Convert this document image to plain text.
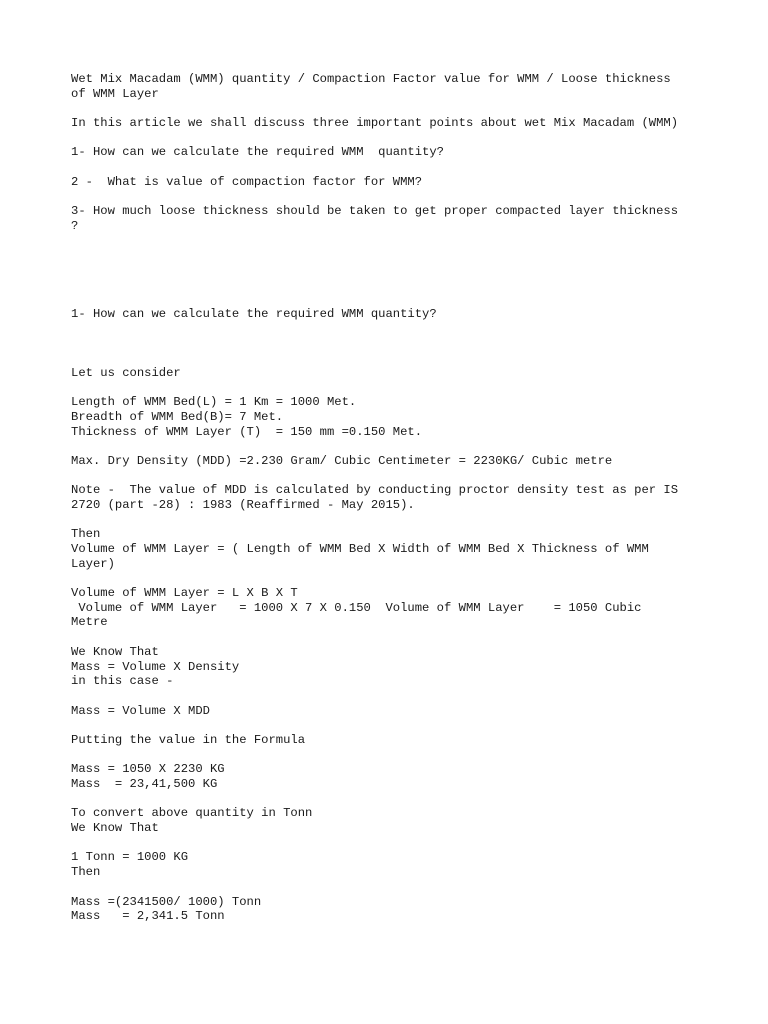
Wet Mix Macadam (WMM) quantity / Compaction Factor value for WMM / Loose thickness
of WMM Layer
In this article we shall discuss three important points about wet Mix Macadam (WMM)
1- How can we calculate the required WMM  quantity?
2 -  What is value of compaction factor for WMM?
3- How much loose thickness should be taken to get proper compacted layer thickness
?
1- How can we calculate the required WMM quantity?
Let us consider
Length of WMM Bed(L) = 1 Km = 1000 Met.
Breadth of WMM Bed(B)= 7 Met.
Thickness of WMM Layer (T)  = 150 mm =0.150 Met.
Max. Dry Density (MDD) =2.230 Gram/ Cubic Centimeter = 2230KG/ Cubic metre
Note -  The value of MDD is calculated by conducting proctor density test as per IS
2720 (part -28) : 1983 (Reaffirmed - May 2015).
Then
Volume of WMM Layer = ( Length of WMM Bed X Width of WMM Bed X Thickness of WMM
Layer)
Volume of WMM Layer = L X B X T
Volume of WMM Layer   = 1000 X 7 X 0.150  Volume of WMM Layer    = 1050 Cubic
Metre
We Know That
Mass = Volume X Density
in this case -
Mass = Volume X MDD
Putting the value in the Formula
Mass = 1050 X 2230 KG
Mass  = 23,41,500 KG
To convert above quantity in Tonn
We Know That
1 Tonn = 1000 KG
Then
Mass =(2341500/ 1000) Tonn
Mass   = 2,341.5 Tonn
